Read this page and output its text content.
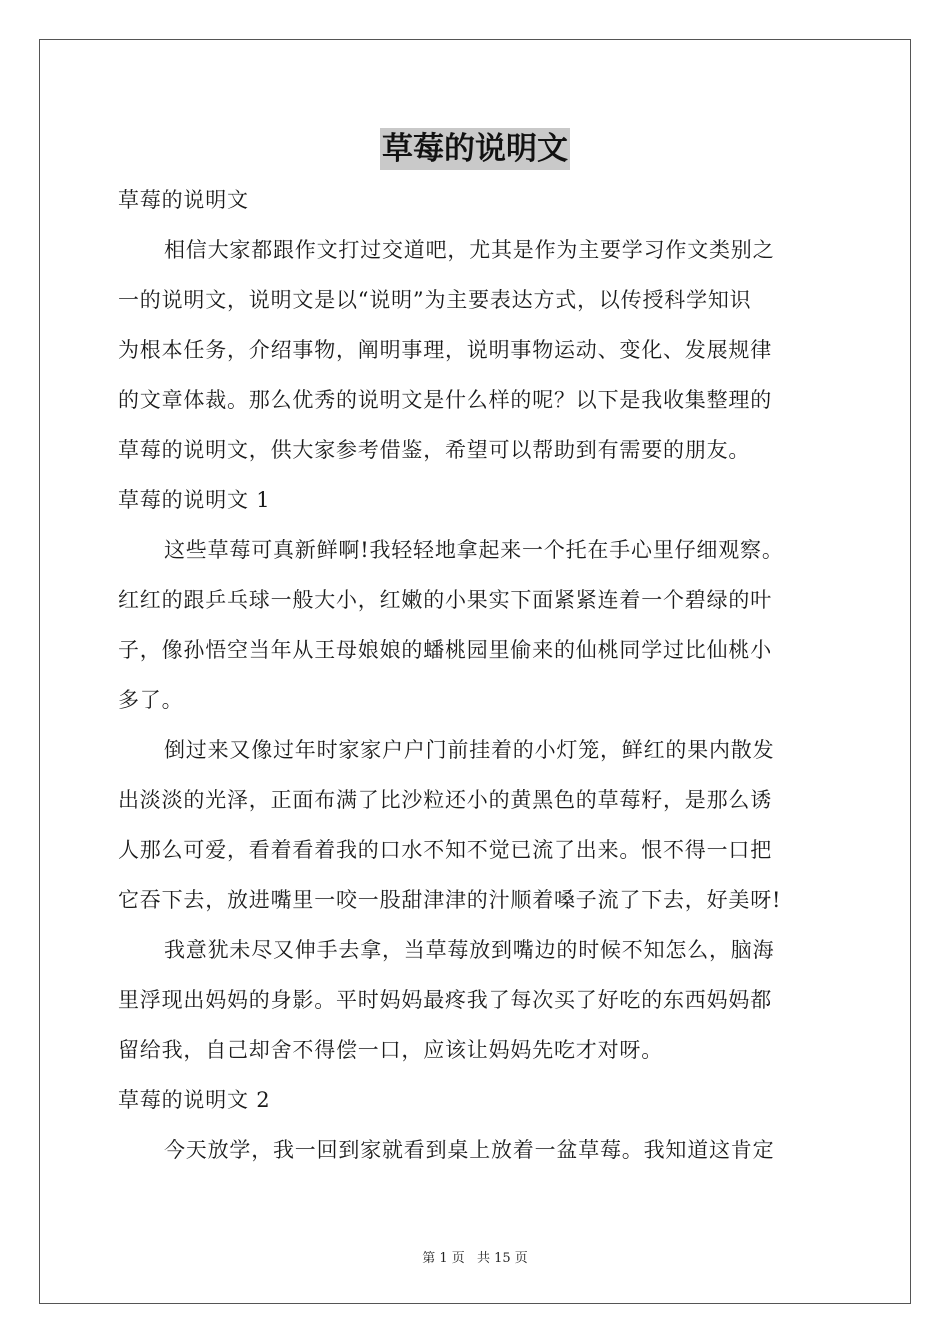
草莓的说明文
草莓的说明文
相信大家都跟作文打过交道吧，尤其是作为主要学习作文类别之
一的说明文，说明文是以“说明”为主要表达方式，以传授科学知识
为根本任务，介绍事物，阐明事理，说明事物运动、变化、发展规律
的文章体裁。那么优秀的说明文是什么样的呢？以下是我收集整理的
草莓的说明文，供大家参考借鉴，希望可以帮助到有需要的朋友。
草莓的说明文 1
这些草莓可真新鲜啊!我轻轻地拿起来一个托在手心里仔细观察。
红红的跟乒乓球一般大小，红嫩的小果实下面紧紧连着一个碧绿的叶
子，像孙悟空当年从王母娘娘的蟠桃园里偷来的仙桃同学过比仙桃小
多了。
倒过来又像过年时家家户户门前挂着的小灯笼，鲜红的果内散发
出淡淡的光泽，正面布满了比沙粒还小的黄黑色的草莓籽，是那么诱
人那么可爱，看着看着我的口水不知不觉已流了出来。恨不得一口把
它吞下去，放进嘴里一咬一股甜津津的汁顺着嗓子流了下去，好美呀!
我意犹未尽又伸手去拿，当草莓放到嘴边的时候不知怎么，脑海
里浮现出妈妈的身影。平时妈妈最疼我了每次买了好吃的东西妈妈都
留给我，自己却舍不得偿一口，应该让妈妈先吃才对呀。
草莓的说明文 2
今天放学，我一回到家就看到桌上放着一盆草莓。我知道这肯定
第 1 页 共 15 页
